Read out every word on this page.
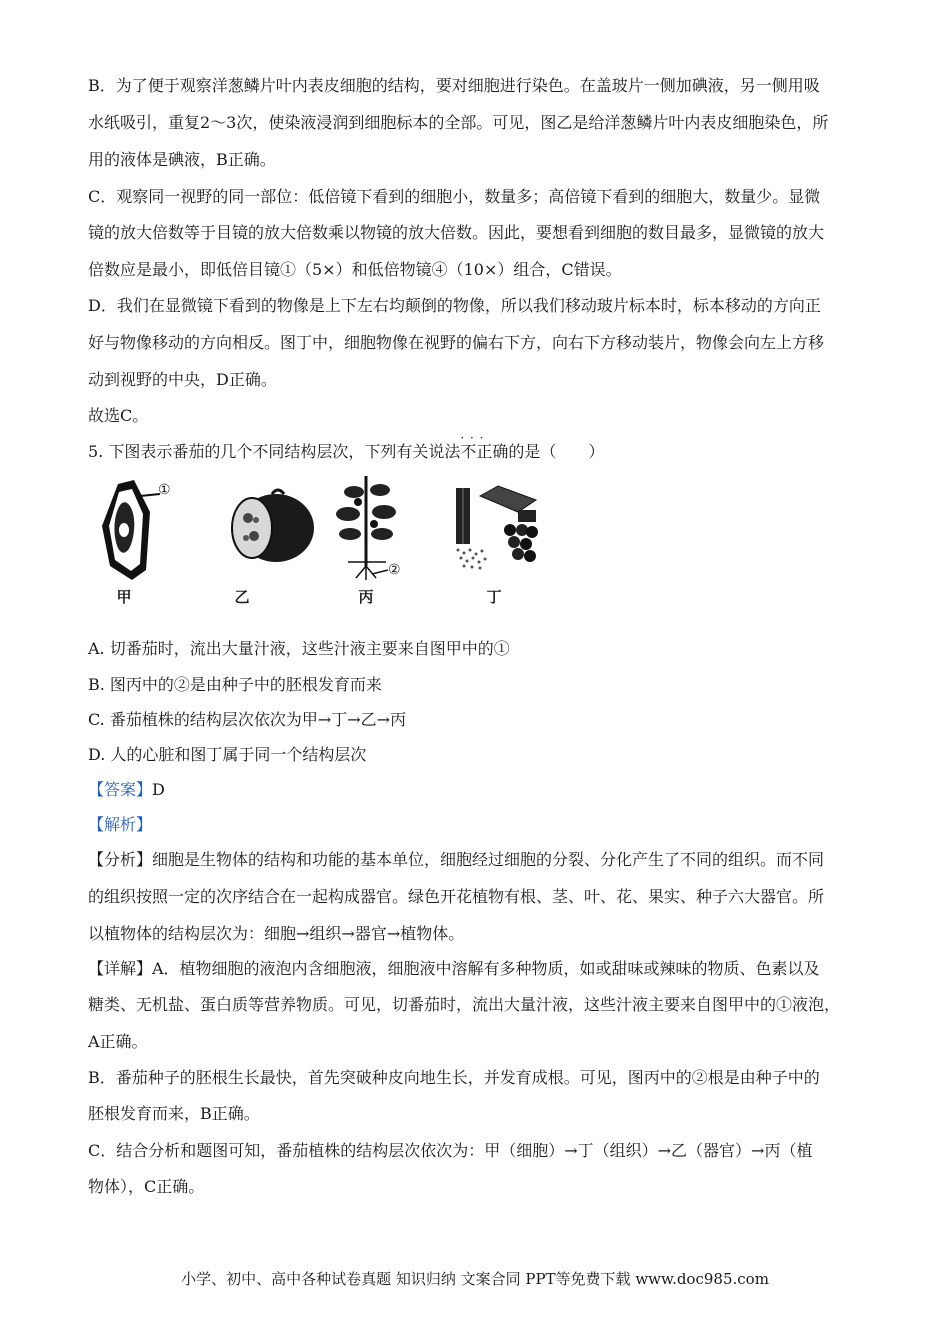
B．为了便于观察洋葱鳞片叶内表皮细胞的结构，要对细胞进行染色。在盖玻片一侧加碘液，另一侧用吸
水纸吸引，重复2～3次，使染液浸润到细胞标本的全部。可见，图乙是给洋葱鳞片叶内表皮细胞染色，所
用的液体是碘液，B正确。
C．观察同一视野的同一部位：低倍镜下看到的细胞小，数量多；高倍镜下看到的细胞大，数量少。显微
镜的放大倍数等于目镜的放大倍数乘以物镜的放大倍数。因此，要想看到细胞的数目最多，显微镜的放大
倍数应是最小，即低倍目镜①（5×）和低倍物镜④（10×）组合，C错误。
D．我们在显微镜下看到的物像是上下左右均颠倒的物像，所以我们移动玻片标本时，标本移动的方向正
好与物像移动的方向相反。图丁中，细胞物像在视野的偏右下方，向右下方移动装片，物像会向左上方移
动到视野的中央，D正确。
故选C。
5. 下图表示番茄的几个不同结构层次，下列有关说法· · · 不正确的是（　　）
①
甲	乙
②
丙	丁
A. 切番茄时，流出大量汁液，这些汁液主要来自图甲中的①
B. 图丙中的②是由种子中的胚根发育而来
C. 番茄植株的结构层次依次为甲→丁→乙→丙
D. 人的心脏和图丁属于同一个结构层次
【答案】D
【解析】
【分析】细胞是生物体的结构和功能的基本单位，细胞经过细胞的分裂、分化产生了不同的组织。而不同
的组织按照一定的次序结合在一起构成器官。绿色开花植物有根、茎、叶、花、果实、种子六大器官。所
以植物体的结构层次为：细胞→组织→器官→植物体。
【详解】A．植物细胞的液泡内含细胞液，细胞液中溶解有多种物质，如或甜味或辣味的物质、色素以及
糖类、无机盐、蛋白质等营养物质。可见，切番茄时，流出大量汁液，这些汁液主要来自图甲中的①液泡，
A正确。
B．番茄种子的胚根生长最快，首先突破种皮向地生长，并发育成根。可见，图丙中的②根是由种子中的
胚根发育而来，B正确。
C．结合分析和题图可知，番茄植株的结构层次依次为：甲（细胞）→丁（组织）→乙（器官）→丙（植
物体），C正确。
小学、初中、高中各种试卷真题 知识归纳 文案合同 PPT等免费下载 www.doc985.com
